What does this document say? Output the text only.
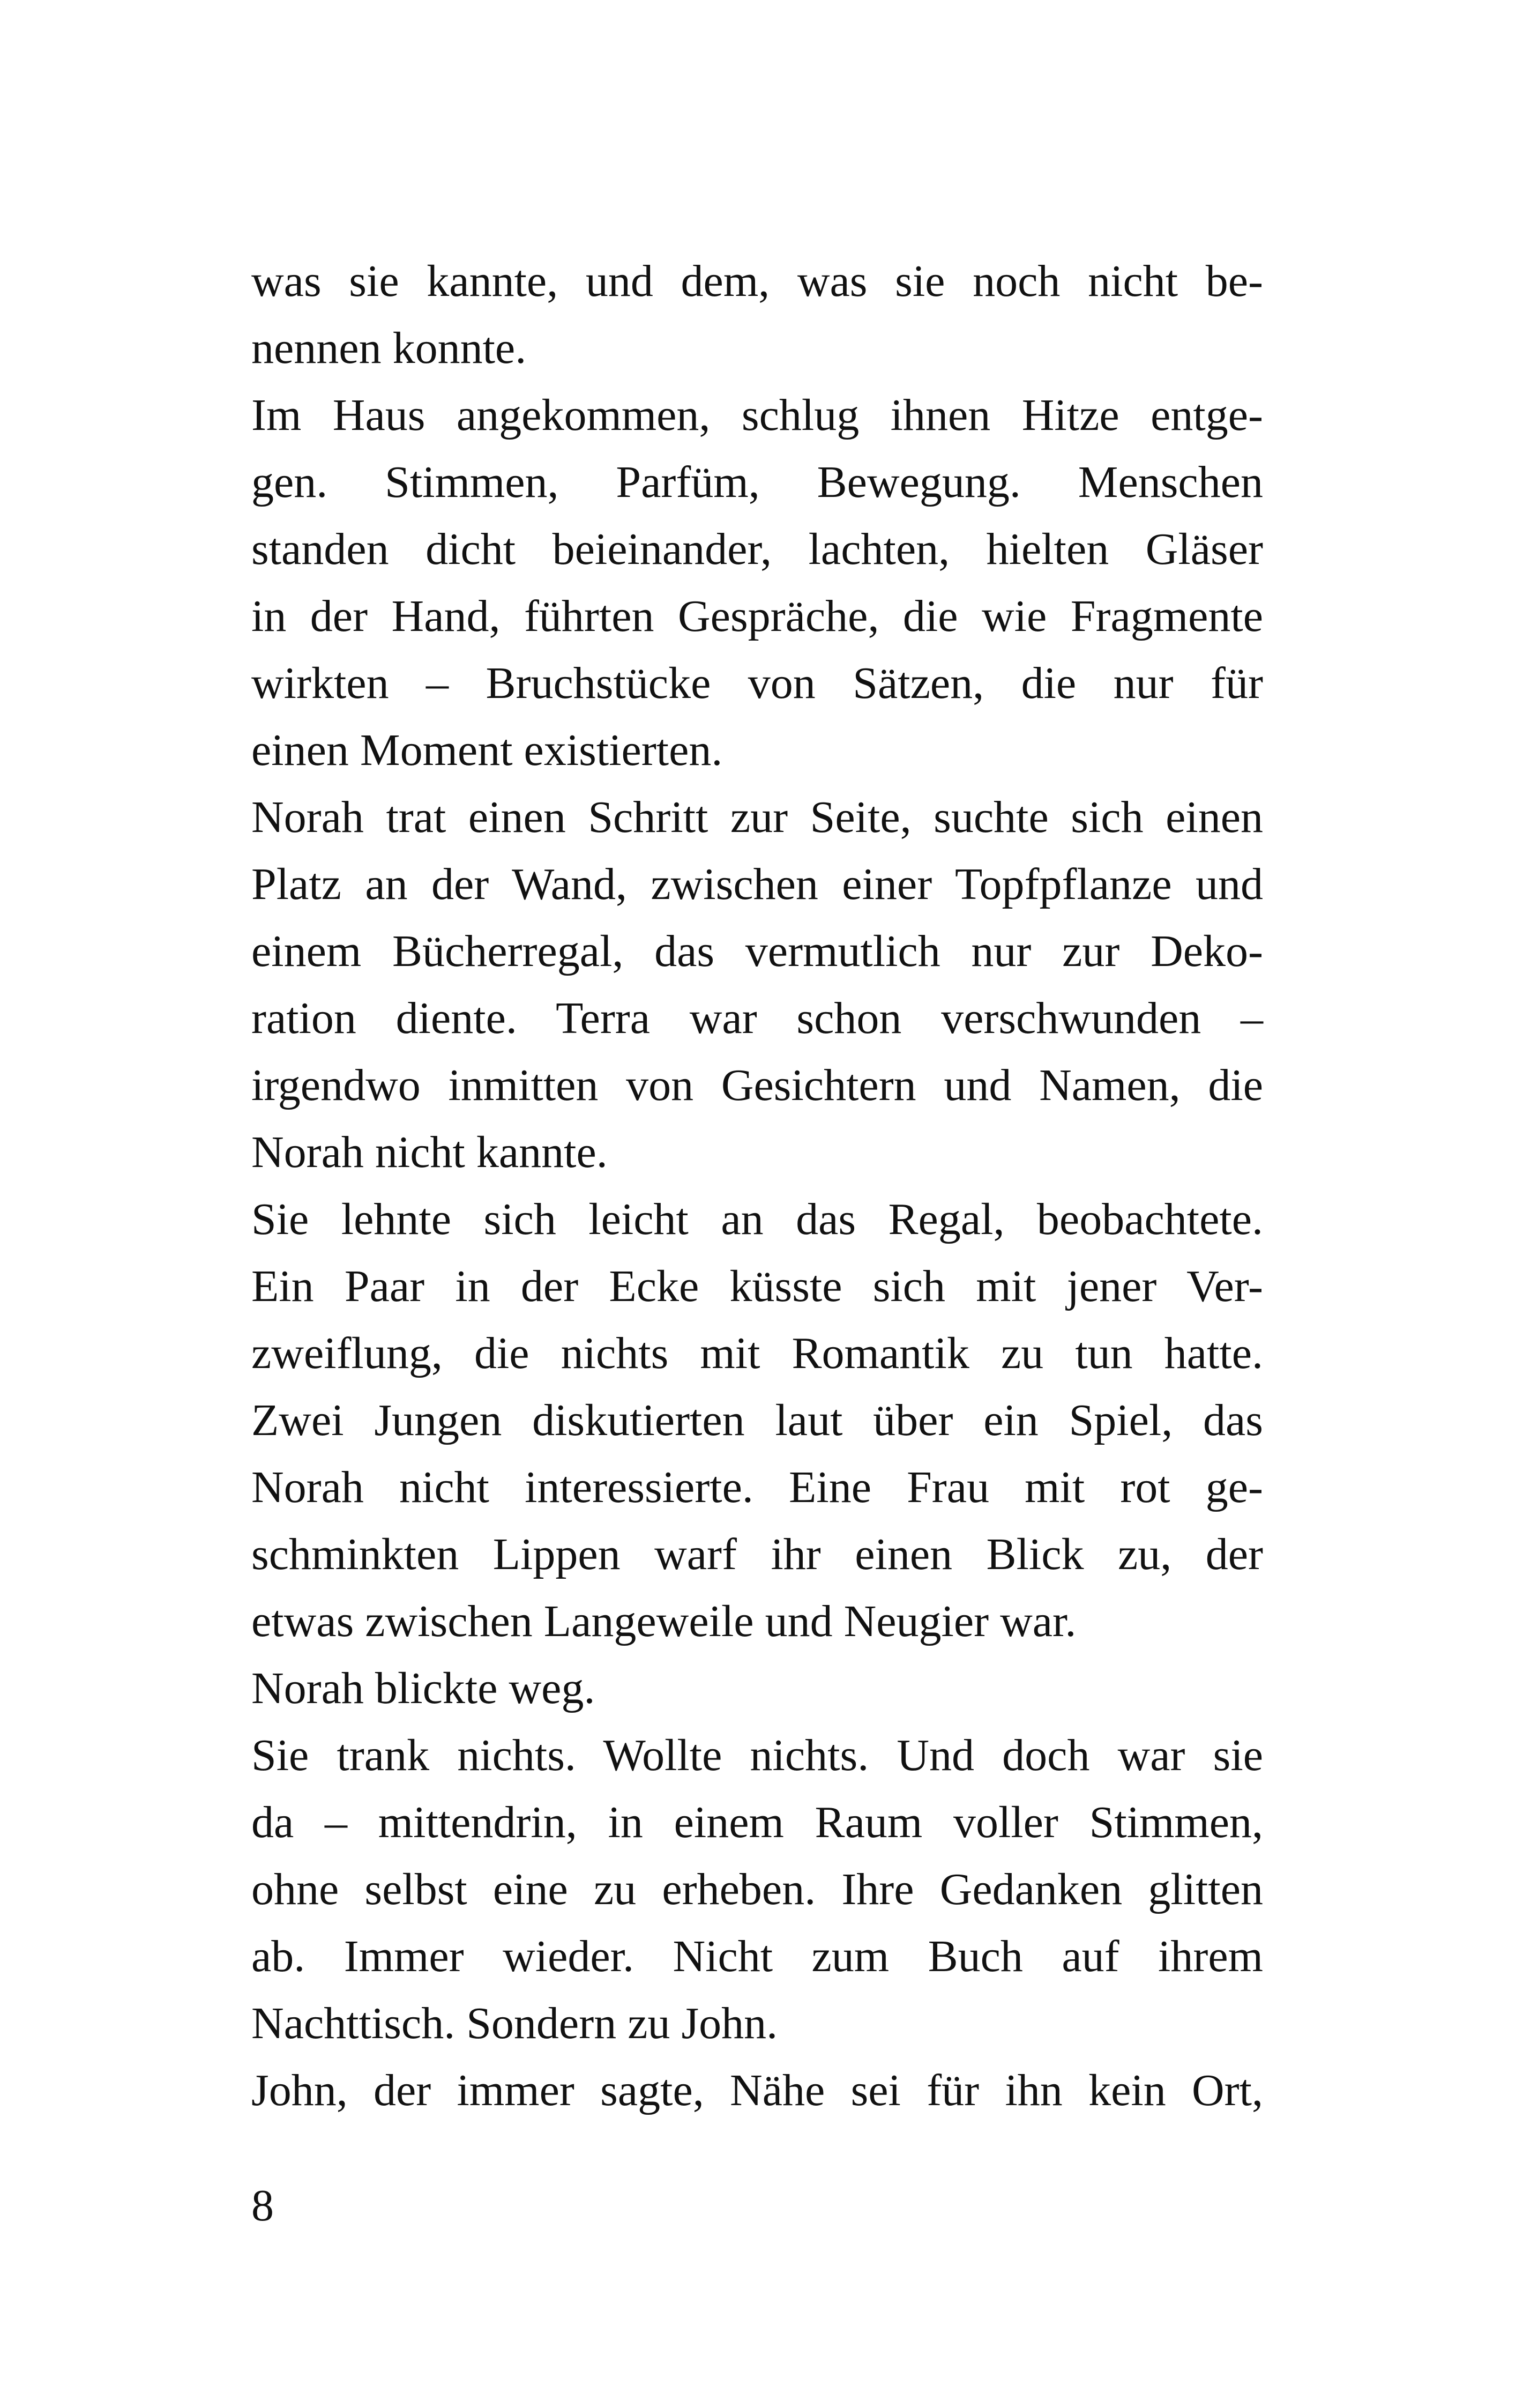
was sie kannte, und dem, was sie noch nicht be-
nennen konnte.
Im Haus angekommen, schlug ihnen Hitze entge-
gen. Stimmen, Parfüm, Bewegung. Menschen
standen dicht beieinander, lachten, hielten Gläser
in der Hand, führten Gespräche, die wie Fragmente
wirkten – Bruchstücke von Sätzen, die nur für
einen Moment existierten.
Norah trat einen Schritt zur Seite, suchte sich einen
Platz an der Wand, zwischen einer Topfpflanze und
einem Bücherregal, das vermutlich nur zur Deko-
ration diente. Terra war schon verschwunden –
irgendwo inmitten von Gesichtern und Namen, die
Norah nicht kannte.
Sie lehnte sich leicht an das Regal, beobachtete.
Ein Paar in der Ecke küsste sich mit jener Ver-
zweiflung, die nichts mit Romantik zu tun hatte.
Zwei Jungen diskutierten laut über ein Spiel, das
Norah nicht interessierte. Eine Frau mit rot ge-
schminkten Lippen warf ihr einen Blick zu, der
etwas zwischen Langeweile und Neugier war.
Norah blickte weg.
Sie trank nichts. Wollte nichts. Und doch war sie
da – mittendrin, in einem Raum voller Stimmen,
ohne selbst eine zu erheben. Ihre Gedanken glitten
ab. Immer wieder. Nicht zum Buch auf ihrem
Nachttisch. Sondern zu John.
John, der immer sagte, Nähe sei für ihn kein Ort,
8
